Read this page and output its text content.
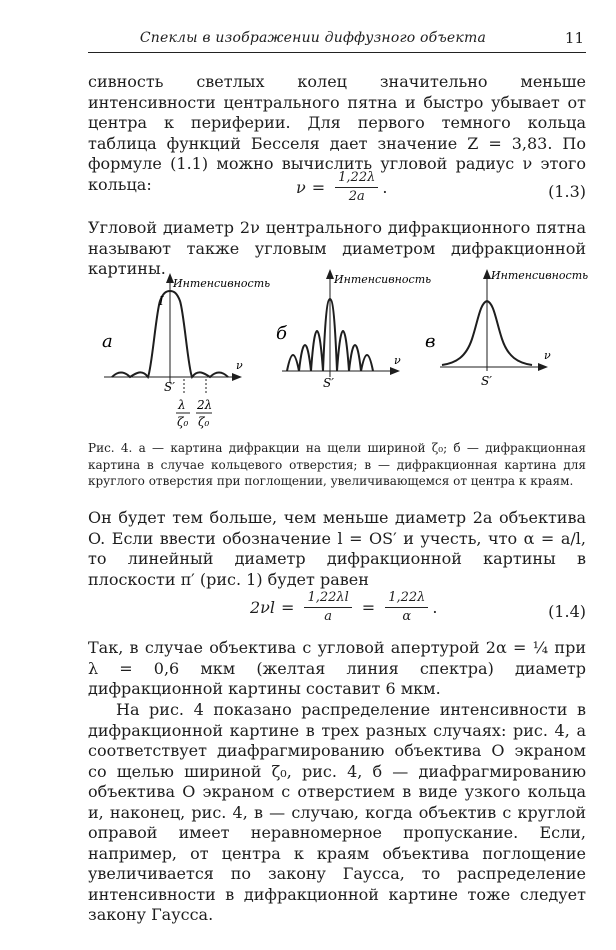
Спеклы в изображении диффузного объекта	11

сивность светлых колец значительно меньше интенсивности центрального пятна и быстро убывает от центра к периферии. Для первого темного кольца таблица функций Бесселя дает значение Z = 3,83. По формуле (1.1) можно вычислить угловой радиус ν этого кольца:	$\nu = \frac{1,22\lambda}{2a}$ .	(1.3)

Угловой диаметр 2ν центрального дифракционного пятна называют также угловым диаметром дифракционной картины.

а
Интенсивность
ν
I
S′
λ
ζ₀
2λ
ζ₀
б
Интенсивность
ν
S′
в
Интенсивность
ν
S′

Рис. 4. а — картина дифракции на щели шириной ζ₀; б — дифракционная картина в случае кольцевого отверстия; в — дифракционная картина для круглого отверстия при поглощении, увеличивающемся от центра к краям.

Он будет тем больше, чем меньше диаметр 2a объектива O. Если ввести обозначение l = OS′ и учесть, что α = a/l, то линейный диаметр дифракционной картины в плоскости π′ (рис. 1) будет равен

$2\nu l = \frac{1,22\lambda l}{a} = \frac{1,22\lambda}{\alpha}$ .	(1.4)

Так, в случае объектива с угловой апертурой 2α = ¼ при λ = 0,6 мкм (желтая линия спектра) диаметр дифракционной картины составит 6 мкм.

На рис. 4 показано распределение интенсивности в дифракционной картине в трех разных случаях: рис. 4, а соответствует диафрагмированию объектива O экраном со щелью шириной ζ₀, рис. 4, б — диафрагмированию объектива O экраном с отверстием в виде узкого кольца и, наконец, рис. 4, в — случаю, когда объектив с круглой оправой имеет неравномерное пропускание. Если, например, от центра к краям объектива поглощение увеличивается по закону Гаусса, то распределение интенсивности в дифракционной картине тоже следует закону Гаусса.
